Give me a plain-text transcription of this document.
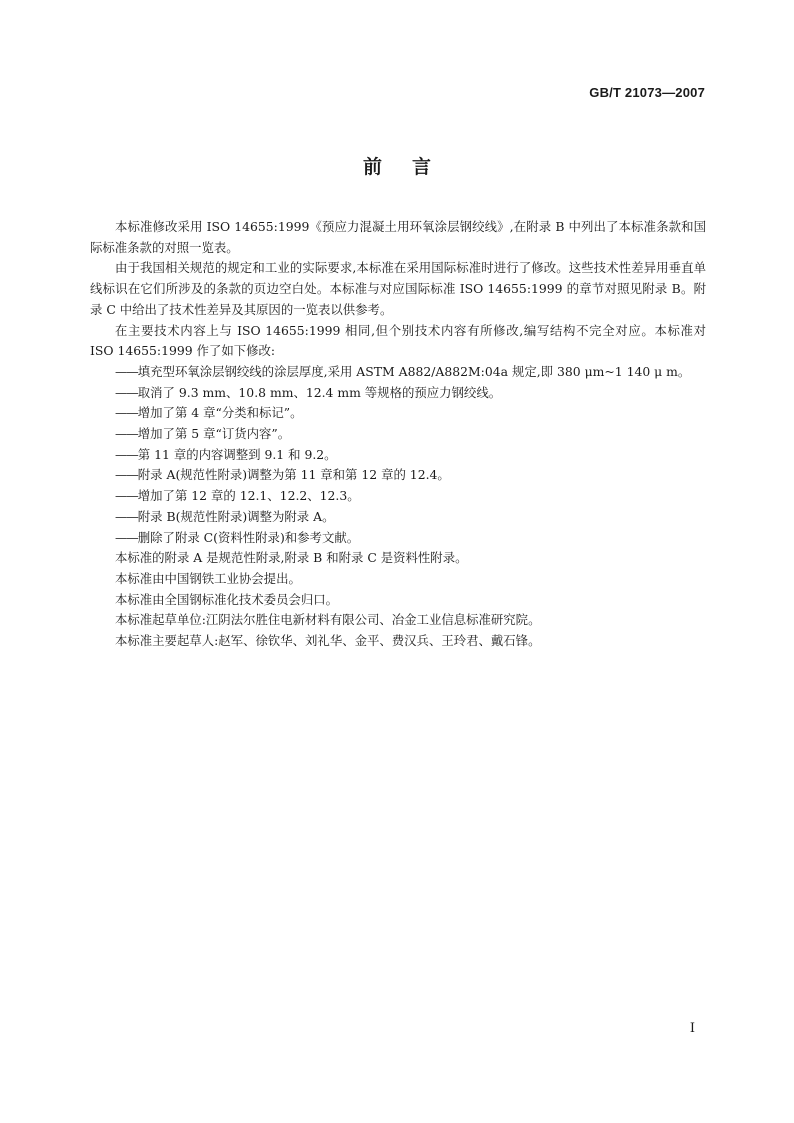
GB/T 21073—2007
前言

本标准修改采用 ISO 14655:1999《预应力混凝土用环氧涂层钢绞线》,在附录 B 中列出了本标准条款和国际标准条款的对照一览表。

由于我国相关规范的规定和工业的实际要求,本标准在采用国际标准时进行了修改。这些技术性差异用垂直单线标识在它们所涉及的条款的页边空白处。本标准与对应国际标准 ISO 14655:1999 的章节对照见附录 B。附录 C 中给出了技术性差异及其原因的一览表以供参考。

在主要技术内容上与 ISO 14655:1999 相同,但个别技术内容有所修改,编写结构不完全对应。本标准对 ISO 14655:1999 作了如下修改:

——填充型环氧涂层钢绞线的涂层厚度,采用 ASTM A882/A882M:04a 规定,即 380 μm~1 140 μ m。

——取消了 9.3 mm、10.8 mm、12.4 mm 等规格的预应力钢绞线。

——增加了第 4 章“分类和标记”。

——增加了第 5 章“订货内容”。

——第 11 章的内容调整到 9.1 和 9.2。

——附录 A(规范性附录)调整为第 11 章和第 12 章的 12.4。

——增加了第 12 章的 12.1、12.2、12.3。

——附录 B(规范性附录)调整为附录 A。

——删除了附录 C(资料性附录)和参考文献。

本标准的附录 A 是规范性附录,附录 B 和附录 C 是资料性附录。

本标准由中国钢铁工业协会提出。

本标准由全国钢标准化技术委员会归口。

本标准起草单位:江阴法尔胜住电新材料有限公司、冶金工业信息标准研究院。

本标准主要起草人:赵军、徐钦华、刘礼华、金平、费汉兵、王玲君、戴石锋。

I
